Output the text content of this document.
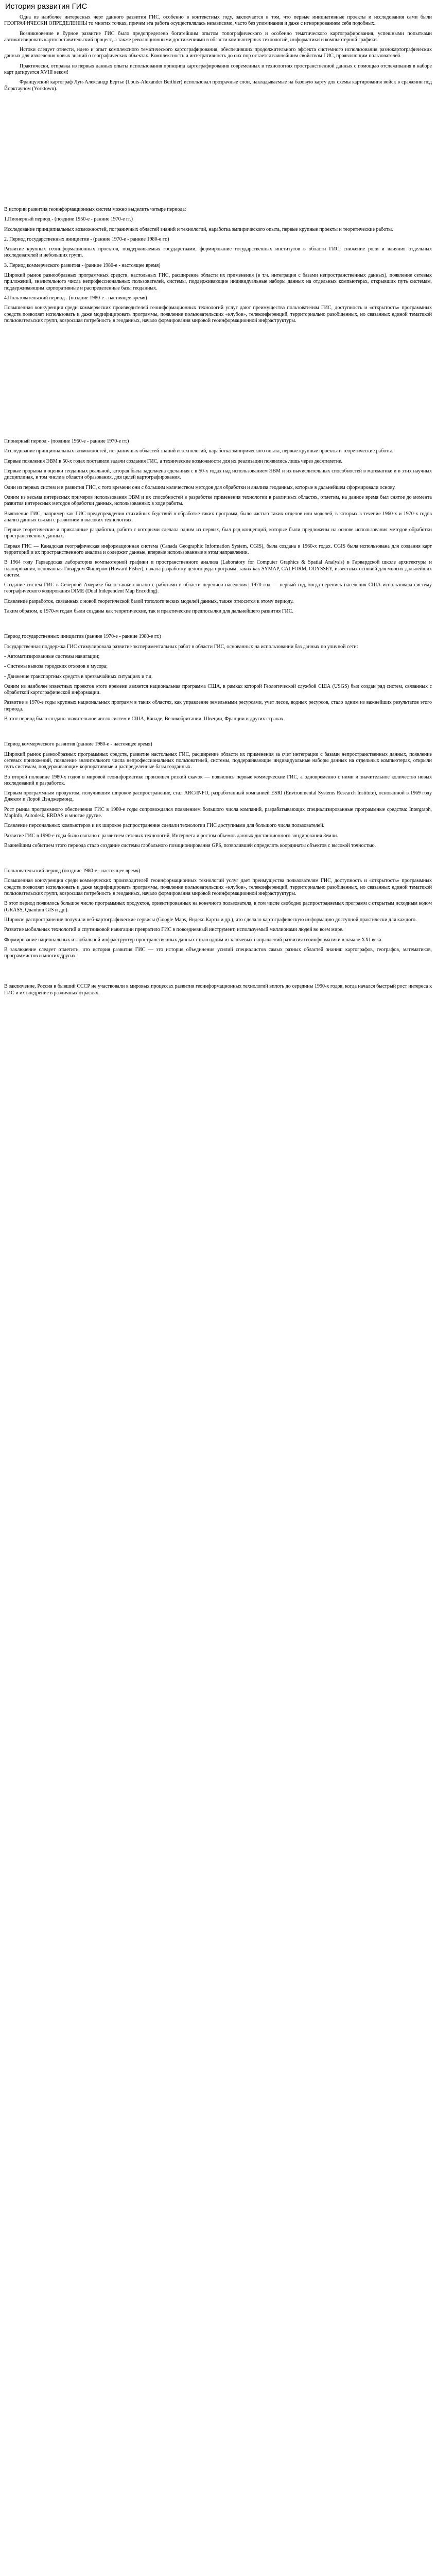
История развития ГИС

Одна из наиболее интересных черт данного развития ГИС, особенно в контекстных году, заключается в том, что первые инициативные проекты и исследования сами были ГЕОГРАФИЧЕСКИ ОПРЕДЕЛЕННЫ то многих точках, причем эта работа осуществлялась независимо, часто без упоминания и даже с игнорированием себя подобных.

Возникновение в бурное развитие ГИС было предопределено богатейшим опытом топографического и особенно тематического картографирования, успешными попытками автоматизировать картосоставительский процесс, а также революционными достижениями в области компьютерных технологий, информатики и компьютерной графики.

Истоки следует отнести, идею и опыт комплексного тематического картографирования, обеспечивших продолжительного эффекта системного использования разнокартографических данных для извлечения новых знаний о географических объектах. Комплексность и интегративность до сих пор остается важнейшим свойством ГИС, проявляющим пользователей.

Практически, отправка из первых данных опыты использования принципа картографирования современных в технологиях пространственной данных с помощью отслеживания в наборе карт датируется XVIII веком!

Французский картограф Луи-Александр Бертье (Louis-Alexander Berthier) использовал прозрачные слои, накладываемые на базовую карту для схемы картирования войск в сражении под Йорктауном (Yorktown).

В истории развития геоинформационных систем можно выделить четыре периода:

1.Пионерный период - (поздние 1950-е - ранние 1970-е гг.)

Исследование принципиальных возможностей, пограничных областей знаний и технологий, наработка эмпирического опыта, первые крупные проекты и теоретические работы.

2. Период государственных инициатив - (ранние 1970-е - ранние 1980-е гг.)

Развитие крупных геоинформационных проектов, поддерживаемых государствами, формирование государственных институтов в области ГИС, снижение роли и влияния отдельных исследователей и небольших групп.

3. Период коммерческого развития - (ранние 1980-е - настоящее время)

Широкий рынок разнообразных программных средств, настольных ГИС, расширение области их применения (в т.ч. интеграция с базами непространственных данных), появление сетевых приложений, значительного числа непрофессиональных пользователей, системы, поддерживающие индивидуальные наборы данных на отдельных компьютерах, открывших путь системам, поддерживающим корпоративные и распределенные базы геоданных.

4.Пользовательский период - (поздние 1980-е - настоящее время)

Повышенная конкуренция среди коммерческих производителей геоинформационных технологий услуг дают преимущества пользователям ГИС, доступность и «открытость» программных средств позволяет использовать и даже модифицировать программы, появление пользовательских «клубов», телеконференций, территориально разобщенных, но связанных единой тематикой пользовательских групп, возросшая потребность в геоданных, начало формирования мировой геоинформационной инфраструктуры.

Пионерный период - (поздние 1950-е - ранние 1970-е гг.)

Исследование принципиальных возможностей, пограничных областей знаний и технологий, наработка эмпирического опыта, первые крупные проекты и теоретические работы.

Первые появления ЭВМ в 50-х годах поставили задачи создания ГИС, а технические возможности для их реализации появились лишь через десятилетие.

Первые прорывы в оценки геоданных реальной, которая была задолжена сделанная с в 50-х годах над использованием ЭВМ и их вычислительных способностей в математике и в этих научных дисциплинах, в том числе в области образования, для целей картографирования.

Один из первых систем и в развития ГИС, с того времени они с большим количеством методов для обработки и анализа геоданных, которые в дальнейшем сформировали основу.

Одним из весьма интересных примеров использования ЭВМ и их способностей в разработке применения технологии в различных областях, отметим, на данное время был снятое до момента развития интересных методов обработки данных, использованных в ходе работы.

Выявление ГИС, например как ГИС предупреждения стихийных бедствий в обработке таких программ, было частью таких отделов или моделей, в которых в течение 1960-х и 1970-х годов анализ данных связан с развитием в высоких технологиях.

Первые теоретические и прикладные разработки, работа с которыми сделала одним из первых, был ряд концепций, которые были предложены на основе использования методов обработки пространственных данных.

Первая ГИС — Канадская географическая информационная система (Canada Geographic Information System, CGIS), была создана в 1960-х годах. CGIS была использована для создания карт территорий и их пространственного анализа и содержит данные, впервые использованные в этом направлении.

В 1964 году Гарвардская лаборатория компьютерной графики и пространственного анализа (Laboratory for Computer Graphics & Spatial Analysis) в Гарвардской школе архитектуры и планирования, основанная Говардом Фишером (Howard Fisher), начала разработку целого ряда программ, таких как SYMAP, CALFORM, ODYSSEY, известных основой для многих дальнейших систем.

Создание систем ГИС в Северной Америке было также связано с работами в области переписи населения: 1970 год — первый год, когда перепись населения США использовала систему географического кодирования DIME (Dual Independent Map Encoding).

Появление разработок, связанных с новой теоретической базой топологических моделей данных, также относится к этому периоду.

Таким образом, к 1970-м годам были созданы как теоретические, так и практические предпосылки для дальнейшего развития ГИС.

Период государственных инициатив (ранние 1970-е - ранние 1980-е гг.)

Государственная поддержка ГИС стимулировала развитие экспериментальных работ в области ГИС, основанных на использовании баз данных по уличной сети:

- Автоматизированные системы навигации;

- Системы вывоза городских отходов и мусора;

- Движение транспортных средств в чрезвычайных ситуациях и т.д.

Одним из наиболее известных проектов этого времени является национальная программа США, в рамках которой Геологической службой США (USGS) был создан ряд систем, связанных с обработкой картографической информации.

Развитие в 1970-е годы крупных национальных программ в таких областях, как управление земельными ресурсами, учет лесов, водных ресурсов, стало одним из важнейших результатов этого периода.

В этот период было создано значительное число систем в США, Канаде, Великобритании, Швеции, Франции и других странах.

Период коммерческого развития (ранние 1980-е - настоящее время)

Широкий рынок разнообразных программных средств, развитие настольных ГИС, расширение области их применения за счет интеграции с базами непространственных данных, появление сетевых приложений, появление значительного числа непрофессиональных пользователей, системы, поддерживающие индивидуальные наборы данных на отдельных компьютерах, открыли путь системам, поддерживающим корпоративные и распределенные базы геоданных.

Во второй половине 1980-х годов в мировой геоинформатике произошел резкий скачок — появились первые коммерческие ГИС, а одновременно с ними и значительное количество новых исследований и разработок.

Первым программным продуктом, получившим широкое распространение, стал ARC/INFO, разработанный компанией ESRI (Environmental Systems Research Institute), основанной в 1969 году Джеком и Лорой Дэнджермонд.

Рост рынка программного обеспечения ГИС в 1980-е годы сопровождался появлением большого числа компаний, разрабатывающих специализированные программные средства: Intergraph, MapInfo, Autodesk, ERDAS и многие другие.

Появление персональных компьютеров и их широкое распространение сделали технологии ГИС доступными для большого числа пользователей.

Развитие ГИС в 1990-е годы было связано с развитием сетевых технологий, Интернета и ростом объемов данных дистанционного зондирования Земли.

Важнейшим событием этого периода стало создание системы глобального позиционирования GPS, позволившей определять координаты объектов с высокой точностью.

Пользовательский период (поздние 1980-е - настоящее время)

Повышенная конкуренция среди коммерческих производителей геоинформационных технологий услуг дает преимущества пользователям ГИС, доступность и «открытость» программных средств позволяет использовать и даже модифицировать программы, появление пользовательских «клубов», телеконференций, территориально разобщенных, но связанных единой тематикой пользовательских групп, возросшая потребность в геоданных, начало формирования мировой геоинформационной инфраструктуры.

В этот период появилось большое число программных продуктов, ориентированных на конечного пользователя, в том числе свободно распространяемых программ с открытым исходным кодом (GRASS, Quantum GIS и др.).

Широкое распространение получили веб-картографические сервисы (Google Maps, Яндекс.Карты и др.), что сделало картографическую информацию доступной практически для каждого.

Развитие мобильных технологий и спутниковой навигации превратило ГИС в повседневный инструмент, используемый миллионами людей во всем мире.

Формирование национальных и глобальной инфраструктур пространственных данных стало одним из ключевых направлений развития геоинформатики в начале XXI века.

В заключение следует отметить, что история развития ГИС — это история объединения усилий специалистов самых разных областей знания: картографов, географов, математиков, программистов и многих других.

В заключение, Россия в бывший СССР не участвовали в мировых процессах развития геоинформационных технологий вплоть до середины 1990-х годов, когда начался быстрый рост интереса к ГИС и их внедрение в различных отраслях.
